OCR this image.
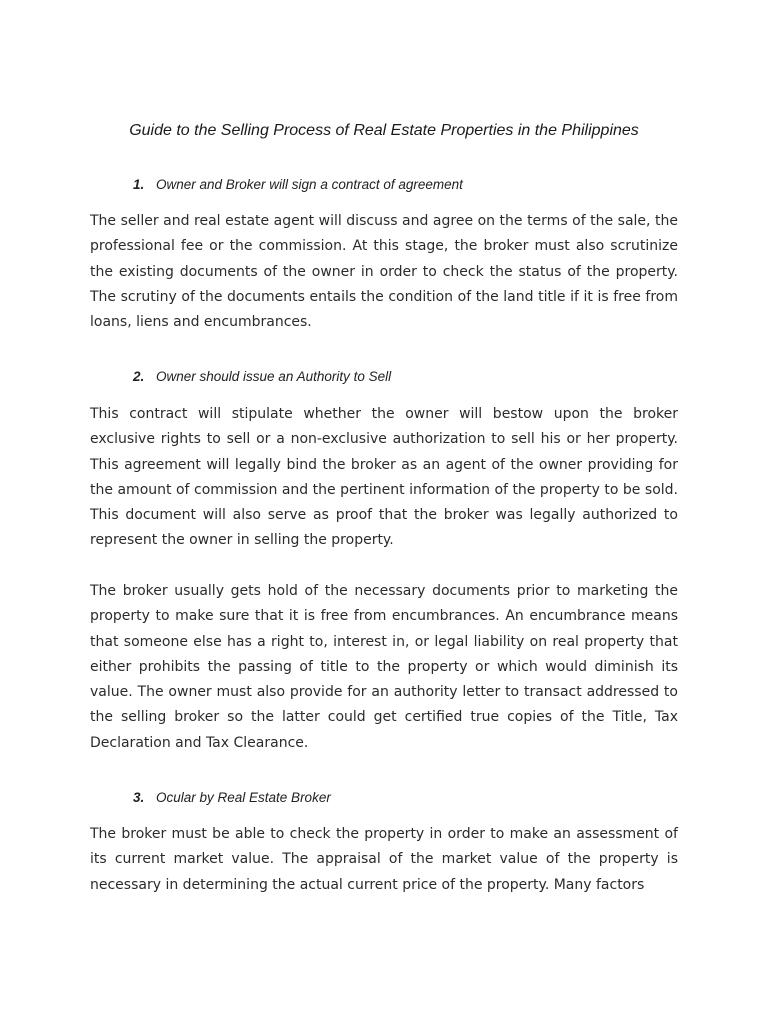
Guide to the Selling Process of Real Estate Properties in the Philippines
1. Owner and Broker will sign a contract of agreement

The seller and real estate agent will discuss and agree on the terms of the sale, the professional fee or the commission. At this stage, the broker must also scrutinize the existing documents of the owner in order to check the status of the property. The scrutiny of the documents entails the condition of the land title if it is free from loans, liens and encumbrances.

2. Owner should issue an Authority to Sell

This contract will stipulate whether the owner will bestow upon the broker exclusive rights to sell or a non-exclusive authorization to sell his or her property. This agreement will legally bind the broker as an agent of the owner providing for the amount of commission and the pertinent information of the property to be sold. This document will also serve as proof that the broker was legally authorized to represent the owner in selling the property.

The broker usually gets hold of the necessary documents prior to marketing the property to make sure that it is free from encumbrances. An encumbrance means that someone else has a right to, interest in, or legal liability on real property that either prohibits the passing of title to the property or which would diminish its value. The owner must also provide for an authority letter to transact addressed to the selling broker so the latter could get certified true copies of the Title, Tax Declaration and Tax Clearance.

3. Ocular by Real Estate Broker

The broker must be able to check the property in order to make an assessment of its current market value. The appraisal of the market value of the property is necessary in determining the actual current price of the property. Many factors
